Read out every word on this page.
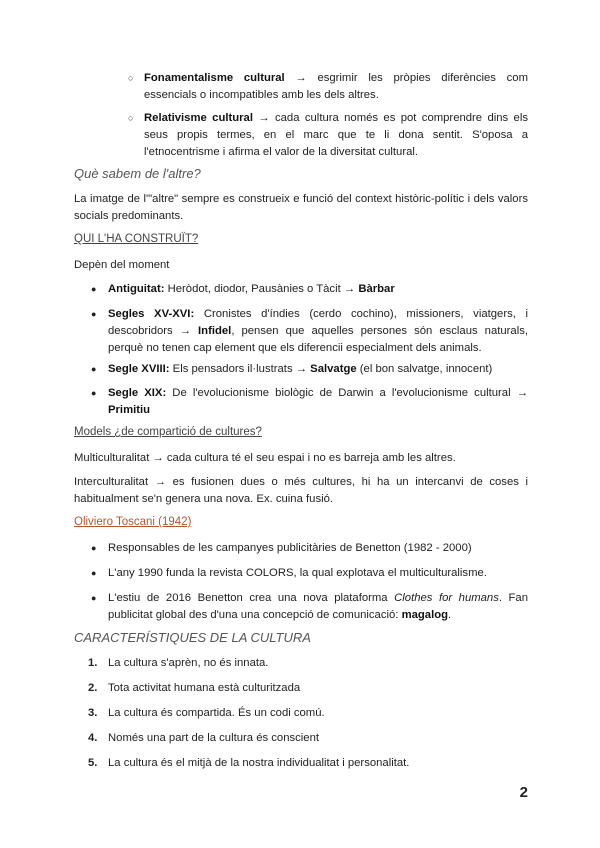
○ Fonamentalisme cultural → esgrimir les pròpies diferències com essencials o incompatibles amb les dels altres.
○ Relativisme cultural → cada cultura només es pot comprendre dins els seus propis termes, en el marc que te li dona sentit. S'oposa a l'etnocentrisme i afirma el valor de la diversitat cultural.

Què sabem de l'altre?

La imatge de l'"altre" sempre es construeix e funció del context històric-polític i dels valors socials predominants.

QUI L'HA CONSTRUÏT?

Depèn del moment

● Antiguitat: Heròdot, diodor, Pausànies o Tàcit → Bàrbar
● Segles XV-XVI: Cronistes d'índies (cerdo cochino), missioners, viatgers, i descobridors → Infidel, pensen que aquelles persones són esclaus naturals, perquè no tenen cap element que els diferencii especialment dels animals.
● Segle XVIII: Els pensadors il·lustrats → Salvatge (el bon salvatge, innocent)
● Segle XIX: De l'evolucionisme biològic de Darwin a l'evolucionisme cultural → Primitiu

Models ¿de compartició de cultures?

Multiculturalitat → cada cultura té el seu espai i no es barreja amb les altres.

Interculturalitat → es fusionen dues o més cultures, hi ha un intercanvi de coses i habitualment se'n genera una nova. Ex. cuina fusió.

Oliviero Toscani (1942)

● Responsables de les campanyes publicitàries de Benetton (1982 - 2000)
● L'any 1990 funda la revista COLORS, la qual explotava el multiculturalisme.
● L'estiu de 2016 Benetton crea una nova plataforma Clothes for humans. Fan publicitat global des d'una una concepció de comunicació: magalog.

CARACTERÍSTIQUES DE LA CULTURA

1. La cultura s'aprèn, no és innata.
2. Tota activitat humana està culturitzada
3. La cultura és compartida. És un codi comú.
4. Només una part de la cultura és conscient
5. La cultura és el mitjà de la nostra individualitat i personalitat.
2
